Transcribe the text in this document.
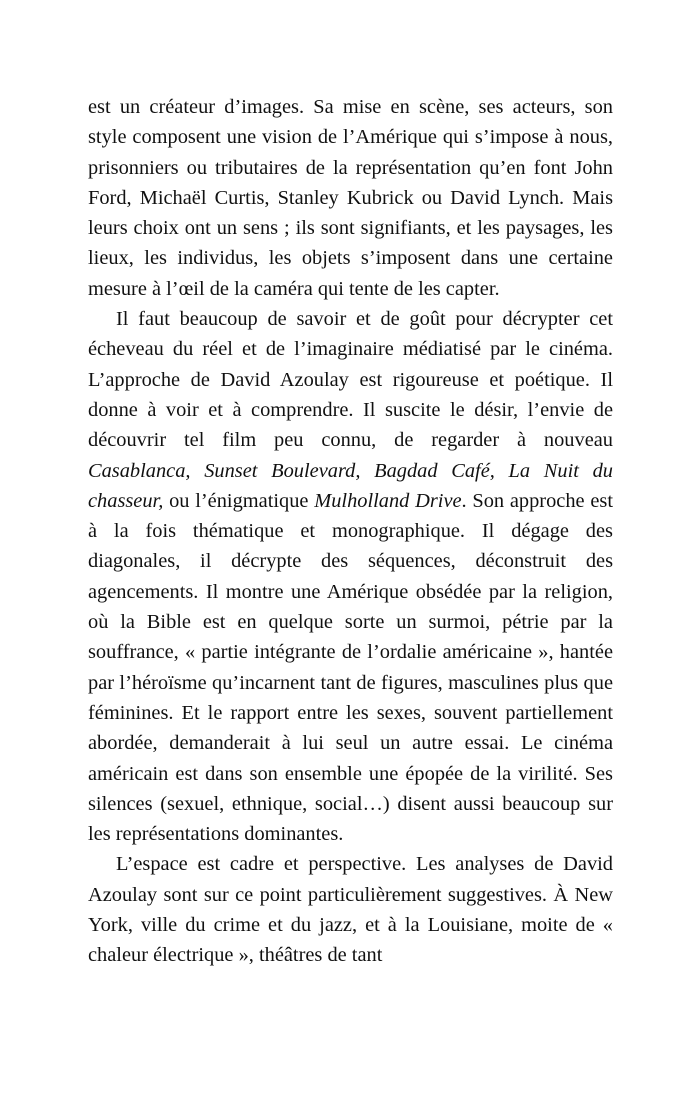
est un créateur d’images. Sa mise en scène, ses acteurs, son style composent une vision de l’Amérique qui s’impose à nous, prisonniers ou tributaires de la représentation qu’en font John Ford, Michaël Curtis, Stanley Kubrick ou David Lynch. Mais leurs choix ont un sens ; ils sont signifiants, et les paysages, les lieux, les individus, les objets s’imposent dans une certaine mesure à l’œil de la caméra qui tente de les capter.

Il faut beaucoup de savoir et de goût pour décrypter cet écheveau du réel et de l’imaginaire médiatisé par le cinéma. L’approche de David Azoulay est rigoureuse et poétique. Il donne à voir et à comprendre. Il suscite le désir, l’envie de découvrir tel film peu connu, de regarder à nouveau Casablanca, Sunset Boulevard, Bagdad Café, La Nuit du chasseur, ou l’énigmatique Mulholland Drive. Son approche est à la fois thématique et monographique. Il dégage des diagonales, il décrypte des séquences, déconstruit des agencements. Il montre une Amérique obsédée par la religion, où la Bible est en quelque sorte un surmoi, pétrie par la souffrance, « partie intégrante de l’ordalie américaine », hantée par l’héroïsme qu’incarnent tant de figures, masculines plus que féminines. Et le rapport entre les sexes, souvent partiellement abordée, demanderait à lui seul un autre essai. Le cinéma américain est dans son ensemble une épopée de la virilité. Ses silences (sexuel, ethnique, social…) disent aussi beaucoup sur les représentations dominantes.

L’espace est cadre et perspective. Les analyses de David Azoulay sont sur ce point particulièrement suggestives. À New York, ville du crime et du jazz, et à la Louisiane, moite de « chaleur électrique », théâtres de tant
